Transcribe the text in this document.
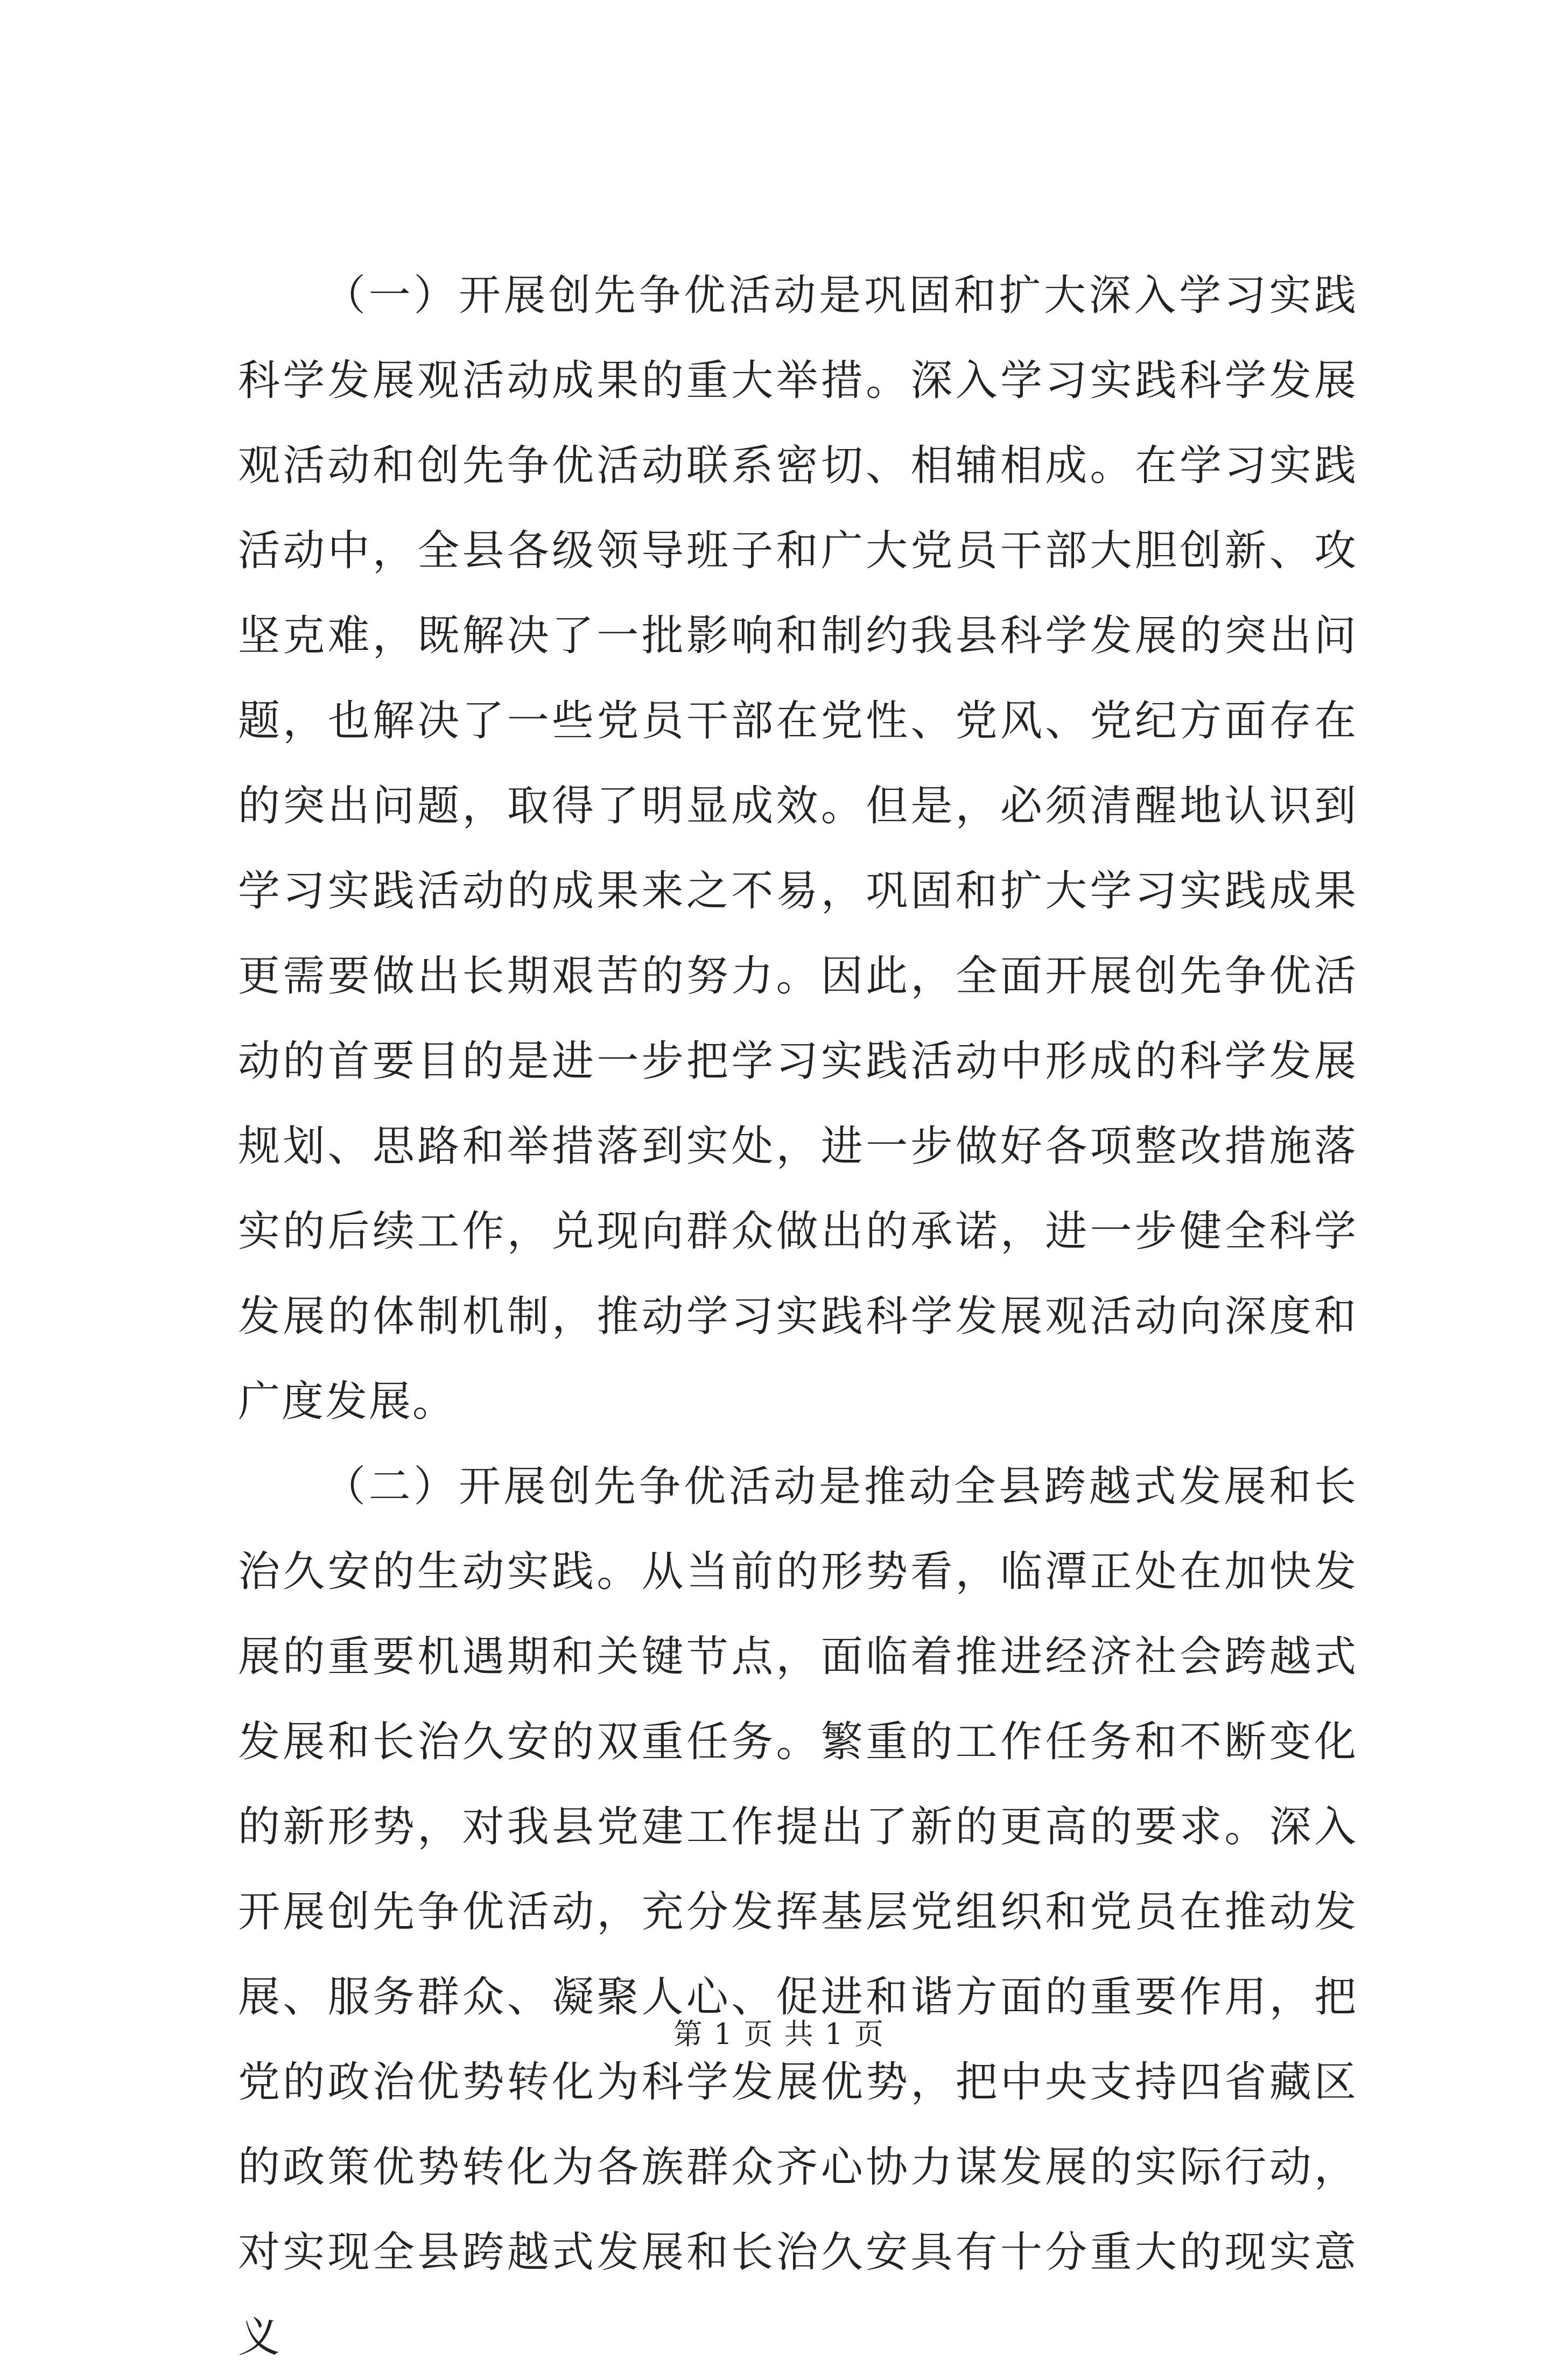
（一）开展创先争优活动是巩固和扩大深入学习实践科学发展观活动成果的重大举措。深入学习实践科学发展观活动和创先争优活动联系密切、相辅相成。在学习实践活动中，全县各级领导班子和广大党员干部大胆创新、攻坚克难，既解决了一批影响和制约我县科学发展的突出问题，也解决了一些党员干部在党性、党风、党纪方面存在的突出问题，取得了明显成效。但是，必须清醒地认识到学习实践活动的成果来之不易，巩固和扩大学习实践成果更需要做出长期艰苦的努力。因此，全面开展创先争优活动的首要目的是进一步把学习实践活动中形成的科学发展规划、思路和举措落到实处，进一步做好各项整改措施落实的后续工作，兑现向群众做出的承诺，进一步健全科学发展的体制机制，推动学习实践科学发展观活动向深度和广度发展。

（二）开展创先争优活动是推动全县跨越式发展和长治久安的生动实践。从当前的形势看，临潭正处在加快发展的重要机遇期和关键节点，面临着推进经济社会跨越式发展和长治久安的双重任务。繁重的工作任务和不断变化的新形势，对我县党建工作提出了新的更高的要求。深入开展创先争优活动，充分发挥基层党组织和党员在推动发展、服务群众、凝聚人心、促进和谐方面的重要作用，把党的政治优势转化为科学发展优势，把中央支持四省藏区的政策优势转化为各族群众齐心协力谋发展的实际行动，对实现全县跨越式发展和长治久安具有十分重大的现实意义

第 1 页 共 1 页
